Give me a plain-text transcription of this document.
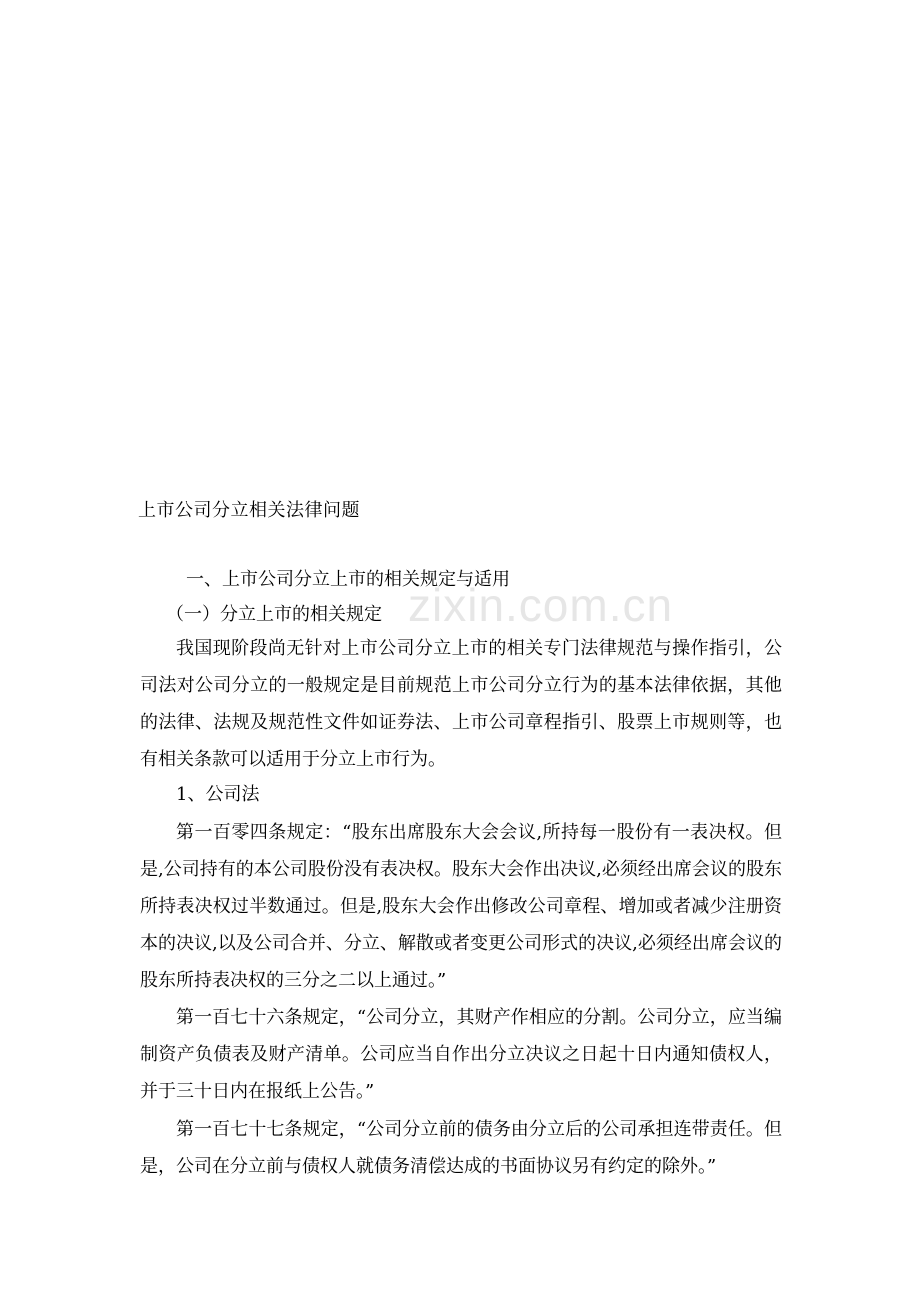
zixin.com.cn
上市公司分立相关法律问题
一、上市公司分立上市的相关规定与适用
（一）分立上市的相关规定

我国现阶段尚无针对上市公司分立上市的相关专门法律规范与操作指引，公司法对公司分立的一般规定是目前规范上市公司分立行为的基本法律依据，其他的法律、法规及规范性文件如证券法、上市公司章程指引、股票上市规则等，也有相关条款可以适用于分立上市行为。

1、公司法

第一百零四条规定：“股东出席股东大会会议,所持每一股份有一表决权。但是,公司持有的本公司股份没有表决权。股东大会作出决议,必须经出席会议的股东所持表决权过半数通过。但是,股东大会作出修改公司章程、增加或者减少注册资本的决议,以及公司合并、分立、解散或者变更公司形式的决议,必须经出席会议的股东所持表决权的三分之二以上通过。”

第一百七十六条规定，“公司分立，其财产作相应的分割。公司分立，应当编制资产负债表及财产清单。公司应当自作出分立决议之日起十日内通知债权人，并于三十日内在报纸上公告。”

第一百七十七条规定，“公司分立前的债务由分立后的公司承担连带责任。但是，公司在分立前与债权人就债务清偿达成的书面协议另有约定的除外。”
